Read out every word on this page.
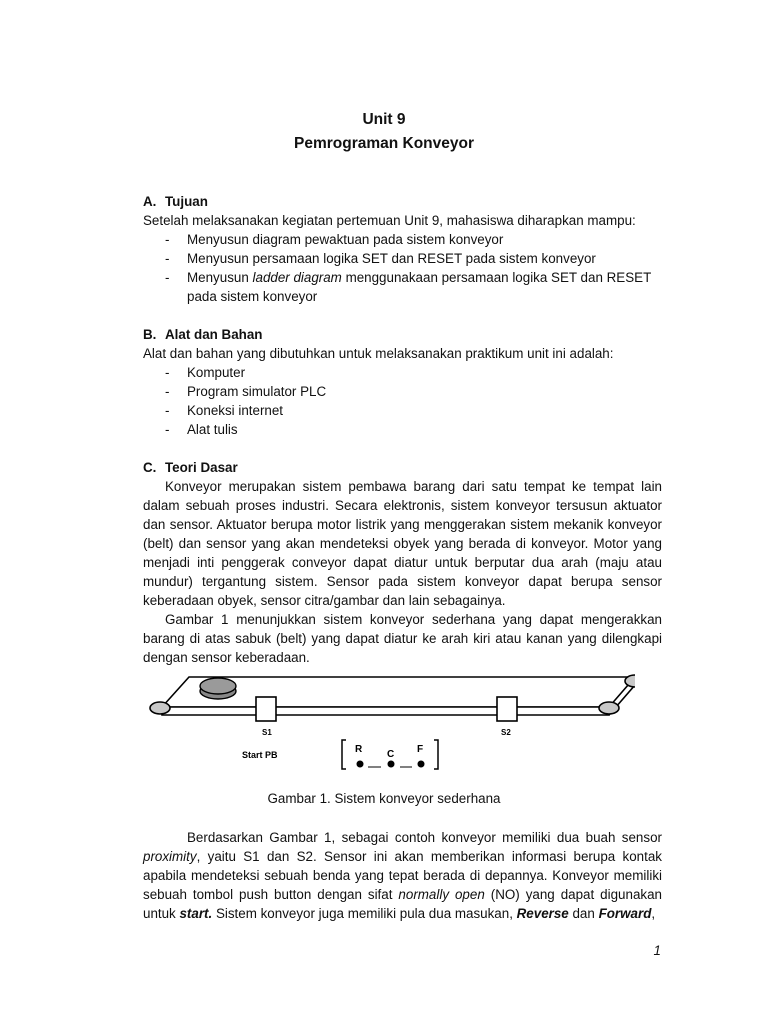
Unit 9
Pemrograman Konveyor
A. Tujuan
Setelah melaksanakan kegiatan pertemuan Unit 9, mahasiswa diharapkan mampu:
- Menyusun diagram pewaktuan pada sistem konveyor
- Menyusun persamaan logika SET dan RESET pada sistem konveyor
- Menyusun ladder diagram menggunakaan persamaan logika SET dan RESET
pada sistem konveyor
B. Alat dan Bahan
Alat dan bahan yang dibutuhkan untuk melaksanakan praktikum unit ini adalah:
- Komputer
- Program simulator PLC
- Koneksi internet
- Alat tulis
C. Teori Dasar
Konveyor merupakan sistem pembawa barang dari satu tempat ke tempat lain dalam sebuah proses industri. Secara elektronis, sistem konveyor tersusun aktuator dan sensor. Aktuator berupa motor listrik yang menggerakan sistem mekanik konveyor (belt) dan sensor yang akan mendeteksi obyek yang berada di konveyor. Motor yang menjadi inti penggerak conveyor dapat diatur untuk berputar dua arah (maju atau mundur) tergantung sistem. Sensor pada sistem konveyor dapat berupa sensor keberadaan obyek, sensor citra/gambar dan lain sebagainya.
Gambar 1 menunjukkan sistem konveyor sederhana yang dapat mengerakkan barang di atas sabuk (belt) yang dapat diatur ke arah kiri atau kanan yang dilengkapi dengan sensor keberadaan.
S1	S2
Start PB	R C F
Gambar 1. Sistem konveyor sederhana
Berdasarkan Gambar 1, sebagai contoh konveyor memiliki dua buah sensor proximity, yaitu S1 dan S2. Sensor ini akan memberikan informasi berupa kontak apabila mendeteksi sebuah benda yang tepat berada di depannya. Konveyor memiliki sebuah tombol push button dengan sifat normally open (NO) yang dapat digunakan untuk start. Sistem konveyor juga memiliki pula dua masukan, Reverse dan Forward,
1
